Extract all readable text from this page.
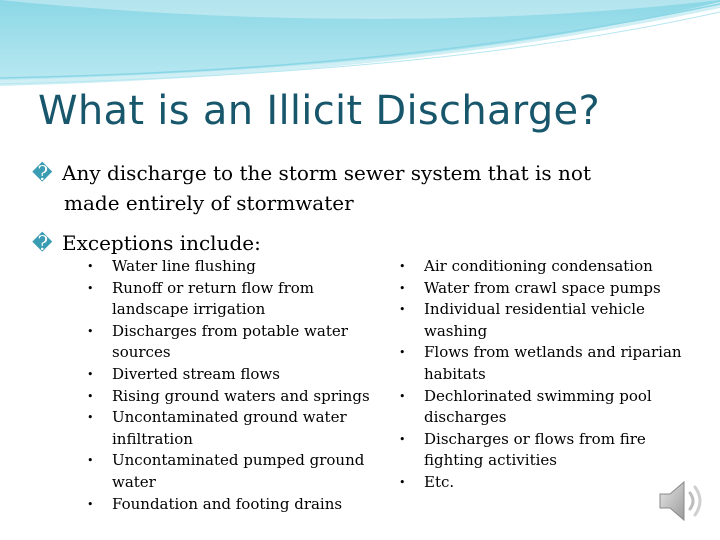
What is an Illicit Discharge?
� Any discharge to the storm sewer system that is not
made entirely of stormwater
� Exceptions include:
• Water line flushing
• Runoff or return flow from landscape irrigation
• Discharges from potable water sources
• Diverted stream flows
• Rising ground waters and springs
• Uncontaminated ground water infiltration
• Uncontaminated pumped ground water
• Foundation and footing drains
• Air conditioning condensation
• Water from crawl space pumps
• Individual residential vehicle washing
• Flows from wetlands and riparian habitats
• Dechlorinated swimming pool discharges
• Discharges or flows from fire fighting activities
• Etc.
